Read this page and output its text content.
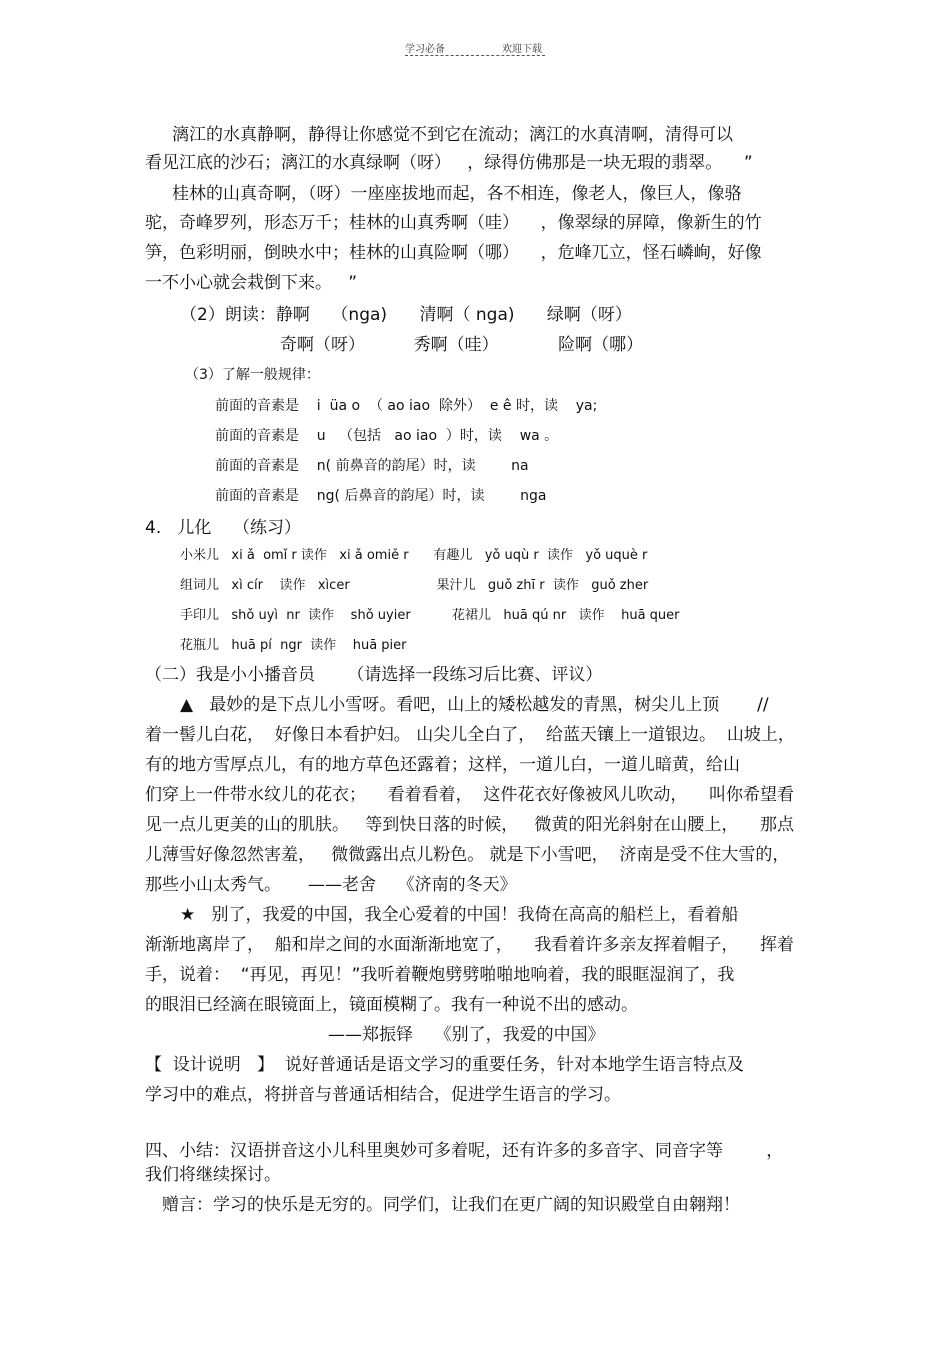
学习必备	欢迎下载
漓江的水真静啊，静得让你感觉不到它在流动；漓江的水真清啊，清得可以
看见江底的沙石；漓江的水真绿啊（呀）   ，绿得仿佛那是一块无瑕的翡翠。    ”
桂林的山真奇啊，（呀）一座座拔地而起，各不相连，像老人，像巨人，像骆
驼，奇峰罗列，形态万千；桂林的山真秀啊（哇）    ，像翠绿的屏障，像新生的竹
笋，色彩明丽，倒映水中；桂林的山真险啊（哪）    ，危峰兀立，怪石嶙峋，好像
一不小心就会栽倒下来。   ”
（2）朗读：静啊    （nga)      清啊（ nga)      绿啊（呀）
奇啊（呀）         秀啊（哇）           险啊（哪）
（3）了解一般规律：
前面的音素是    i  üa o  （ ao iao  除外）  e ê 时，读    ya;
前面的音素是    u   （包括   ao iao  ）时，读    wa 。
前面的音素是    n( 前鼻音的韵尾）时，读        na
前面的音素是    ng( 后鼻音的韵尾）时，读        nga
4.   儿化    （练习）
小米儿   xi ǎ  omǐ r 读作   xi ǎ omiě r      有趣儿   yǒ uqù r  读作   yǒ uquè r
组词儿   xì cír    读作   xìcer                     果汁儿   guǒ zhī r  读作   guǒ zher
手印儿   shǒ uyì  nr  读作    shǒ uyier          花裙儿   huā qú nr   读作    huā quer
花瓶儿   huā pí  ngr  读作    huā pier
（二）我是小小播音员      （请选择一段练习后比赛、评议）
▲   最妙的是下点儿小雪呀。看吧，山上的矮松越发的青黑，树尖儿上顶       //
着一髻儿白花，  好像日本看护妇。 山尖儿全白了，  给蓝天镶上一道银边。  山坡上，
有的地方雪厚点儿，有的地方草色还露着；这样，一道儿白，一道儿暗黄，给山
们穿上一件带水纹儿的花衣；    看着看着，  这件花衣好像被风儿吹动，    叫你希望看
见一点儿更美的山的肌肤。   等到快日落的时候，   微黄的阳光斜射在山腰上，    那点
儿薄雪好像忽然害羞，   微微露出点儿粉色。 就是下小雪吧，  济南是受不住大雪的，
那些小山太秀气。     ——老舍    《济南的冬天》
★   别了，我爱的中国，我全心爱着的中国！我倚在高高的船栏上，看着船
渐渐地离岸了，  船和岸之间的水面渐渐地宽了，    我看着许多亲友挥着帽子，    挥着
手，说着：  “再见，再见！”我听着鞭炮劈劈啪啪地响着，我的眼眶湿润了，我
的眼泪已经滴在眼镜面上，镜面模糊了。我有一种说不出的感动。
——郑振铎    《别了，我爱的中国》
【  设计说明   】  说好普通话是语文学习的重要任务，针对本地学生语言特点及
学习中的难点，将拼音与普通话相结合，促进学生语言的学习。
四、小结：汉语拼音这小儿科里奥妙可多着呢，还有许多的多音字、同音字等        ，
我们将继续探讨。
赠言：学习的快乐是无穷的。同学们，让我们在更广阔的知识殿堂自由翱翔！
